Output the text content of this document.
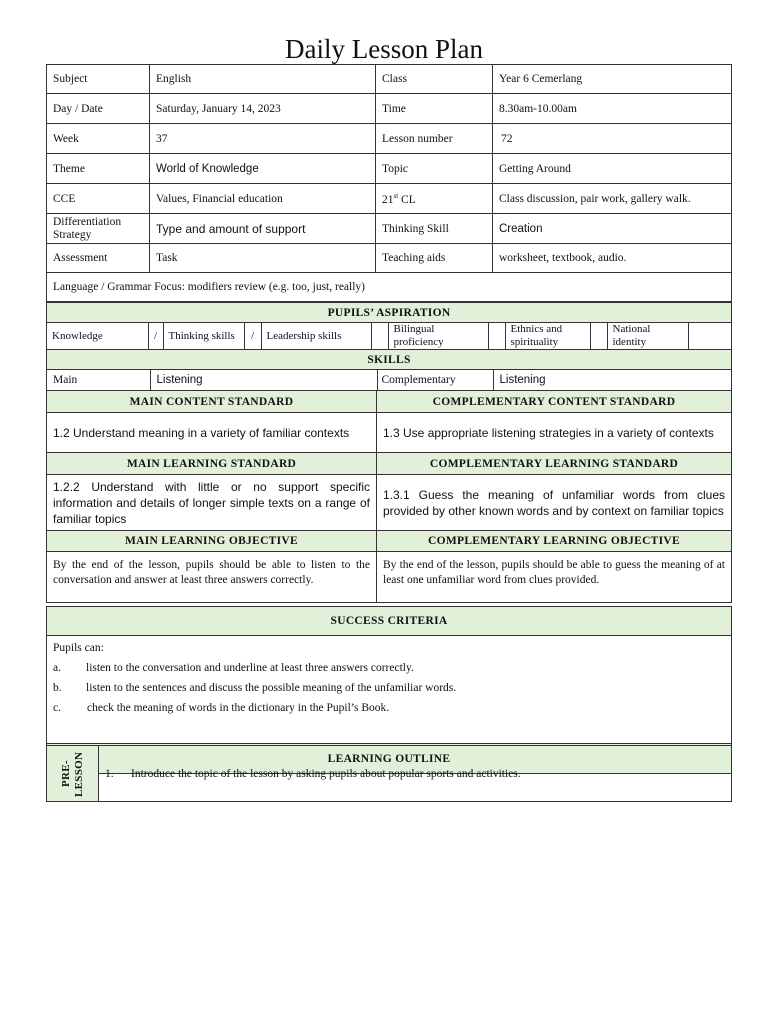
Daily Lesson Plan
Subject	English	Class	Year 6 Cemerlang
Day / Date	Saturday, January 14, 2023	Time	8.30am-10.00am
Week	37	Lesson number	72
Theme	World of Knowledge	Topic	Getting Around
CCE	Values, Financial education	21st CL	Class discussion, pair work, gallery walk.
Differentiation Strategy	Type and amount of support	Thinking Skill	Creation
Assessment	Task	Teaching aids	worksheet, textbook, audio.
Language / Grammar Focus: modifiers review (e.g. too, just, really)			
PUPILS’ ASPIRATION

Knowledge	/	Thinking skills	/	Leadership skills		Bilingual proficiency		Ethnics and spirituality		National identity	

SKILLS

Main	Listening	Complementary	Listening

MAIN CONTENT STANDARD	COMPLEMENTARY CONTENT STANDARD
1.2 Understand meaning in a variety of familiar contexts	1.3 Use appropriate listening strategies in a variety of contexts
MAIN LEARNING STANDARD	COMPLEMENTARY LEARNING STANDARD
1.2.2 Understand with little or no support specific information and details of longer simple texts on a range of familiar topics	1.3.1 Guess the meaning of unfamiliar words from clues provided by other known words and by context on familiar topics
MAIN LEARNING OBJECTIVE	COMPLEMENTARY LEARNING OBJECTIVE
By the end of the lesson, pupils should be able to listen to the conversation and answer at least three answers correctly.	By the end of the lesson, pupils should be able to guess the meaning of at least one unfamiliar word from clues provided.
SUCCESS CRITERIA

Pupils can:
a. listen to the conversation and underline at least three answers correctly.
b. listen to the sentences and discuss the possible meaning of the unfamiliar words.
c. check the meaning of words in the dictionary in the Pupil’s Book.

LEARNING OUTLINE
PRE-LESSON	1. Introduce the topic of the lesson by asking pupils about popular sports and activities.
